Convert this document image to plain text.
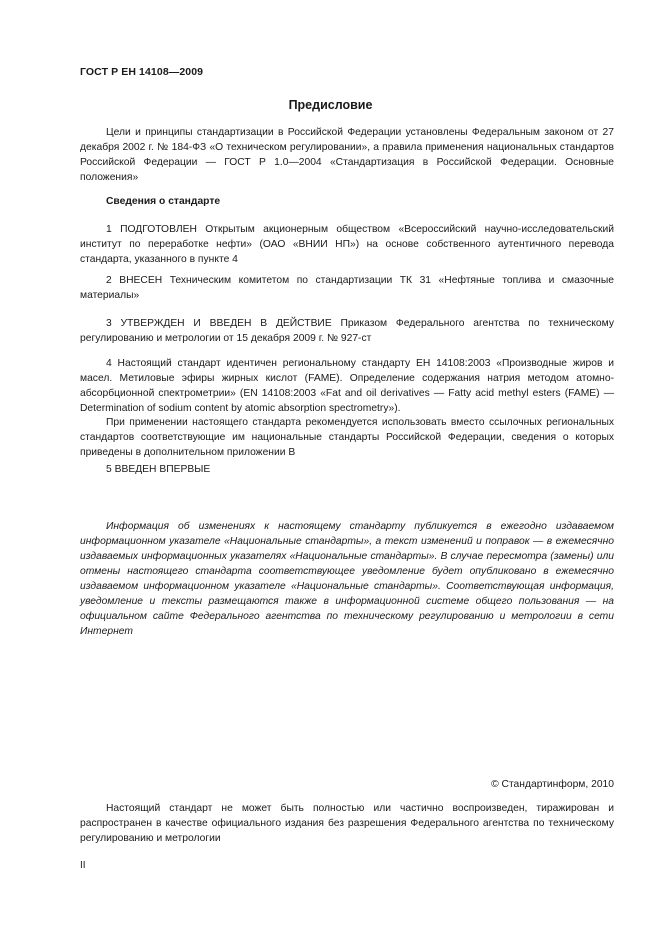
ГОСТ Р ЕН 14108—2009
Предисловие
Цели и принципы стандартизации в Российской Федерации установлены Федеральным законом от 27 декабря 2002 г. № 184-ФЗ «О техническом регулировании», а правила применения национальных стандартов Российской Федерации — ГОСТ Р 1.0—2004 «Стандартизация в Российской Федерации. Основные положения»
Сведения о стандарте
1 ПОДГОТОВЛЕН Открытым акционерным обществом «Всероссийский научно-исследовательский институт по переработке нефти» (ОАО «ВНИИ НП») на основе собственного аутентичного перевода стандарта, указанного в пункте 4
2 ВНЕСЕН Техническим комитетом по стандартизации ТК 31 «Нефтяные топлива и смазочные материалы»
3 УТВЕРЖДЕН И ВВЕДЕН В ДЕЙСТВИЕ Приказом Федерального агентства по техническому регулированию и метрологии от 15 декабря 2009 г. № 927-ст
4 Настоящий стандарт идентичен региональному стандарту ЕН 14108:2003 «Производные жиров и масел. Метиловые эфиры жирных кислот (FAME). Определение содержания натрия методом атомно-абсорбционной спектрометрии» (EN 14108:2003 «Fat and oil derivatives — Fatty acid methyl esters (FAME) — Determination of sodium content by atomic absorption spectrometry»).
При применении настоящего стандарта рекомендуется использовать вместо ссылочных региональных стандартов соответствующие им национальные стандарты Российской Федерации, сведения о которых приведены в дополнительном приложении В
5 ВВЕДЕН ВПЕРВЫЕ
Информация об изменениях к настоящему стандарту публикуется в ежегодно издаваемом информационном указателе «Национальные стандарты», а текст изменений и поправок — в ежемесячно издаваемых информационных указателях «Национальные стандарты». В случае пересмотра (замены) или отмены настоящего стандарта соответствующее уведомление будет опубликовано в ежемесячно издаваемом информационном указателе «Национальные стандарты». Соответствующая информация, уведомление и тексты размещаются также в информационной системе общего пользования — на официальном сайте Федерального агентства по техническому регулированию и метрологии в сети Интернет
© Стандартинформ, 2010
Настоящий стандарт не может быть полностью или частично воспроизведен, тиражирован и распространен в качестве официального издания без разрешения Федерального агентства по техническому регулированию и метрологии
II
